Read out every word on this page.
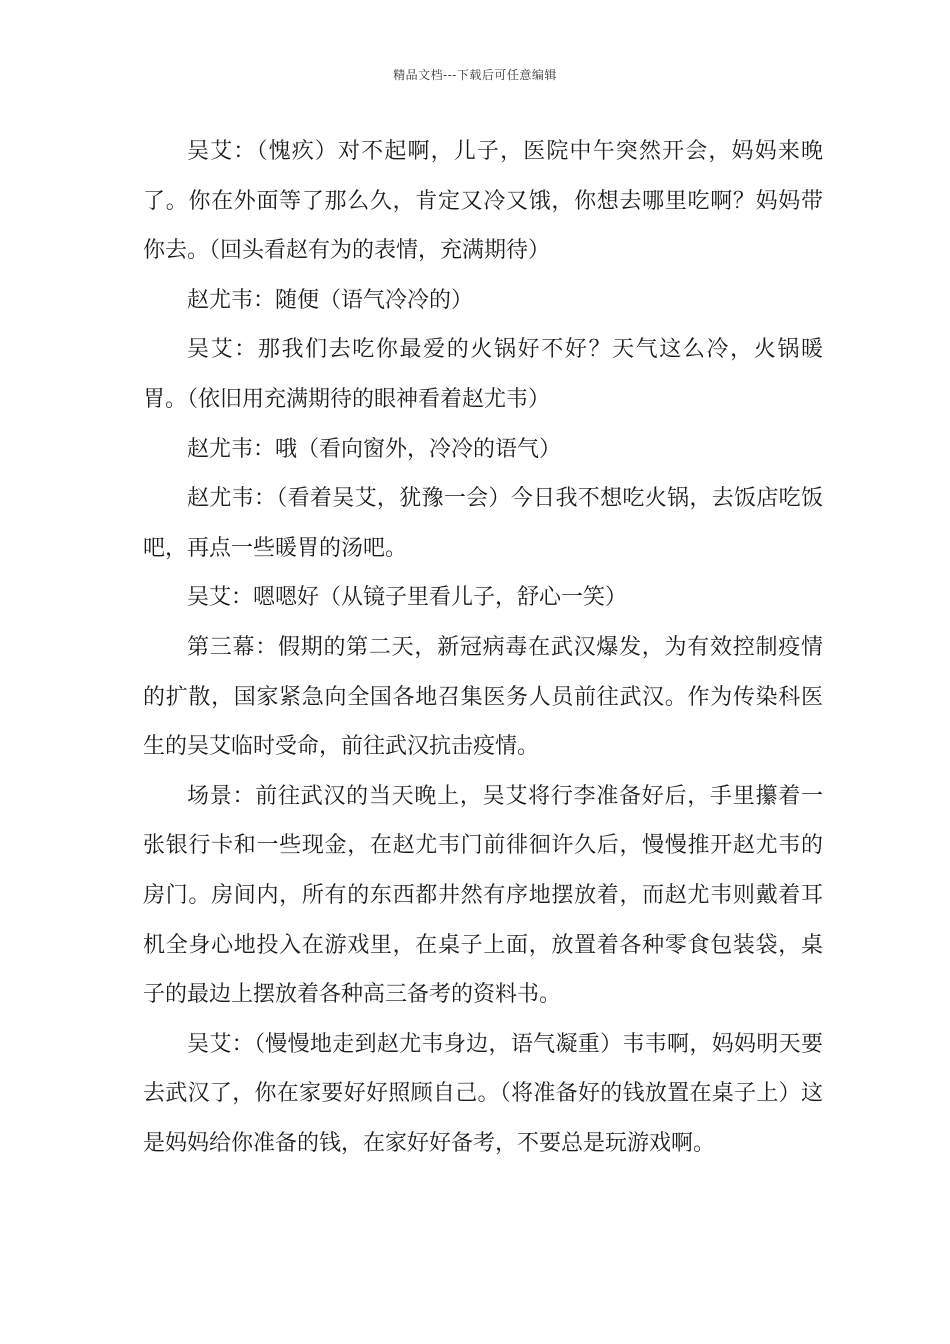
精品文档---下载后可任意编辑

吴艾：（愧疚）对不起啊，儿子，医院中午突然开会，妈妈来晚了。你在外面等了那么久，肯定又冷又饿，你想去哪里吃啊？妈妈带你去。（回头看赵有为的表情，充满期待）

赵尤韦：随便（语气冷冷的）

吴艾：那我们去吃你最爱的火锅好不好？天气这么冷，火锅暖胃。（依旧用充满期待的眼神看着赵尤韦）

赵尤韦：哦（看向窗外，冷冷的语气）

赵尤韦：（看着吴艾，犹豫一会）今日我不想吃火锅，去饭店吃饭吧，再点一些暖胃的汤吧。

吴艾：嗯嗯好（从镜子里看儿子，舒心一笑）

第三幕：假期的第二天，新冠病毒在武汉爆发，为有效控制疫情的扩散，国家紧急向全国各地召集医务人员前往武汉。作为传染科医生的吴艾临时受命，前往武汉抗击疫情。

场景：前往武汉的当天晚上，吴艾将行李准备好后，手里攥着一张银行卡和一些现金，在赵尤韦门前徘徊许久后，慢慢推开赵尤韦的房门。房间内，所有的东西都井然有序地摆放着，而赵尤韦则戴着耳机全身心地投入在游戏里，在桌子上面，放置着各种零食包装袋，桌子的最边上摆放着各种高三备考的资料书。

吴艾：（慢慢地走到赵尤韦身边，语气凝重）韦韦啊，妈妈明天要去武汉了，你在家要好好照顾自己。（将准备好的钱放置在桌子上）这是妈妈给你准备的钱，在家好好备考，不要总是玩游戏啊。
